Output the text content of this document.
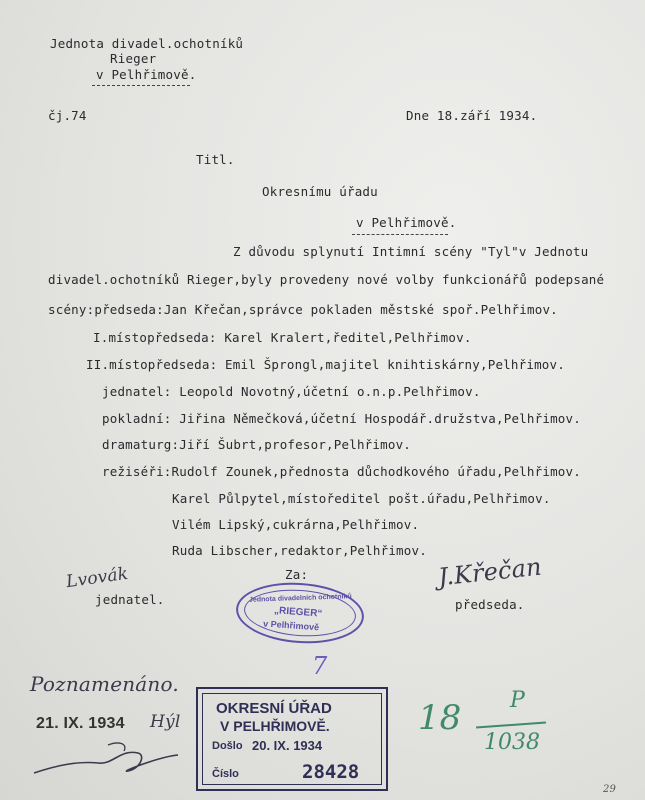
Jednota divadel.ochotníků
Rieger
v Pelhřimově.
čj.74	Dne 18.září 1934.
Titl.
Okresnímu úřadu
v Pelhřimově.
Z důvodu splynutí Intimní scény "Tyl"v Jednotu
divadel.ochotníků Rieger,byly provedeny nové volby funkcionářů podepsané
scény:předseda:Jan Křečan,správce pokladen městské spoř.Pelhřimov.
I.místopředseda: Karel Kralert,ředitel,Pelhřimov.
II.místopředseda: Emil Šprongl,majitel knihtiskárny,Pelhřimov.
jednatel: Leopold Novotný,účetní o.n.p.Pelhřimov.
pokladní: Jiřina Němečková,účetní Hospodář.družstva,Pelhřimov.
dramaturg:Jiří Šubrt,profesor,Pelhřimov.
režiséři:Rudolf Zounek,přednosta důchodkového úřadu,Pelhřimov.
Karel Půlpytel,místoředitel pošt.úřadu,Pelhřimov.
Vilém Lipský,cukrárna,Pelhřimov.
Ruda Libscher,redaktor,Pelhřimov.
Za:
Lvovák
jednatel.
J.Křečan
předseda.
Jednota divadelních ochotníků
„RIEGER“
v Pelhřimově
Poznamenáno.
21. IX. 1934 Hýl
7
OKRESNÍ ÚŘAD
V PELHŘIMOVĚ.
Došlo 20. IX. 1934
Číslo	28428
18 P
1038
29
